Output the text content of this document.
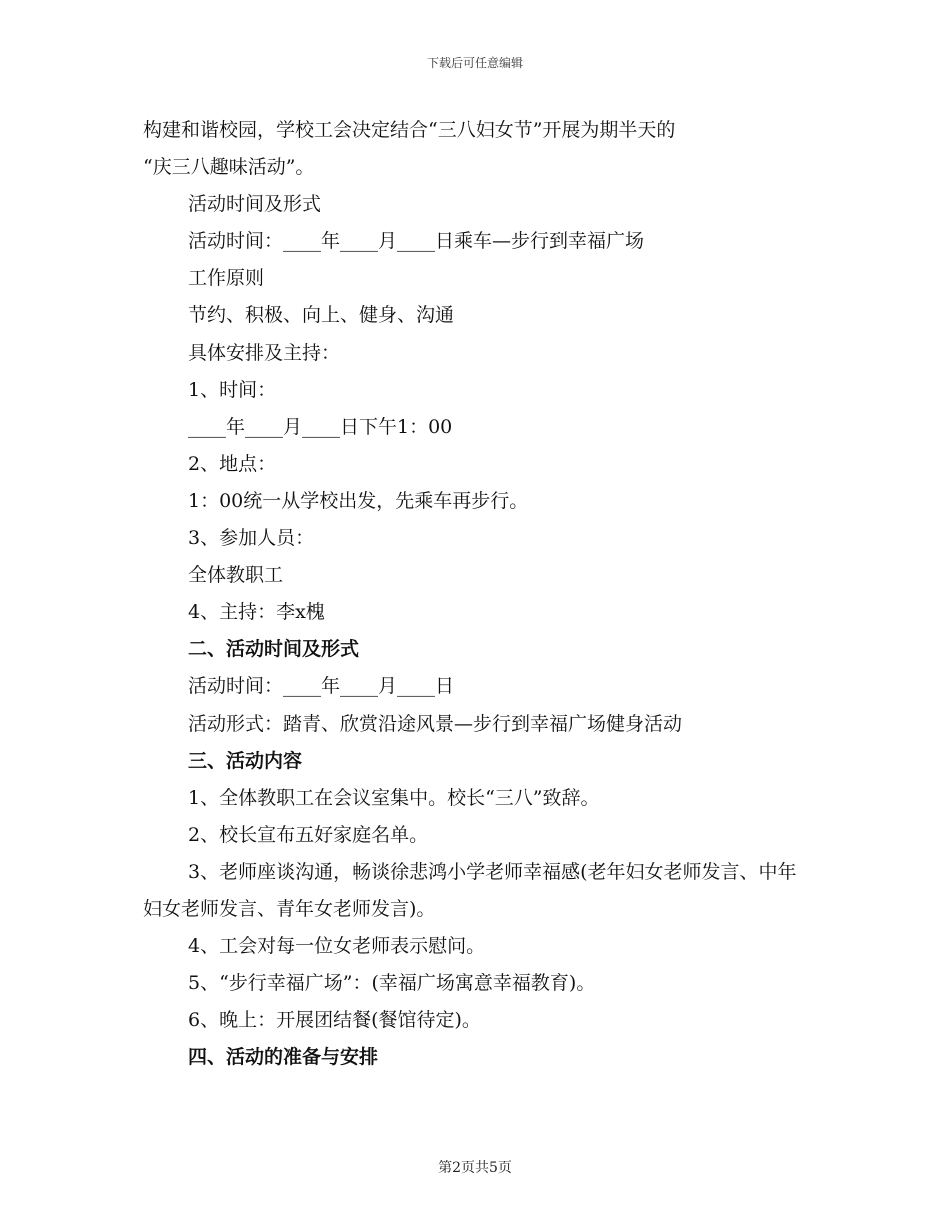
下载后可任意编辑
构建和谐校园，学校工会决定结合“三八妇女节”开展为期半天的
“庆三八趣味活动”。
活动时间及形式
活动时间：____年____月____日乘车—步行到幸福广场
工作原则
节约、积极、向上、健身、沟通
具体安排及主持：
1、时间：
____年____月____日下午1：00
2、地点：
1：00统一从学校出发，先乘车再步行。
3、参加人员：
全体教职工
4、主持：李x槐
二、活动时间及形式
活动时间：____年____月____日
活动形式：踏青、欣赏沿途风景—步行到幸福广场健身活动
三、活动内容
1、全体教职工在会议室集中。校长“三八”致辞。
2、校长宣布五好家庭名单。
3、老师座谈沟通，畅谈徐悲鸿小学老师幸福感(老年妇女老师发言、中年妇女老师发言、青年女老师发言)。
4、工会对每一位女老师表示慰问。
5、“步行幸福广场”：(幸福广场寓意幸福教育)。
6、晚上：开展团结餐(餐馆待定)。
四、活动的准备与安排
第2页共5页
